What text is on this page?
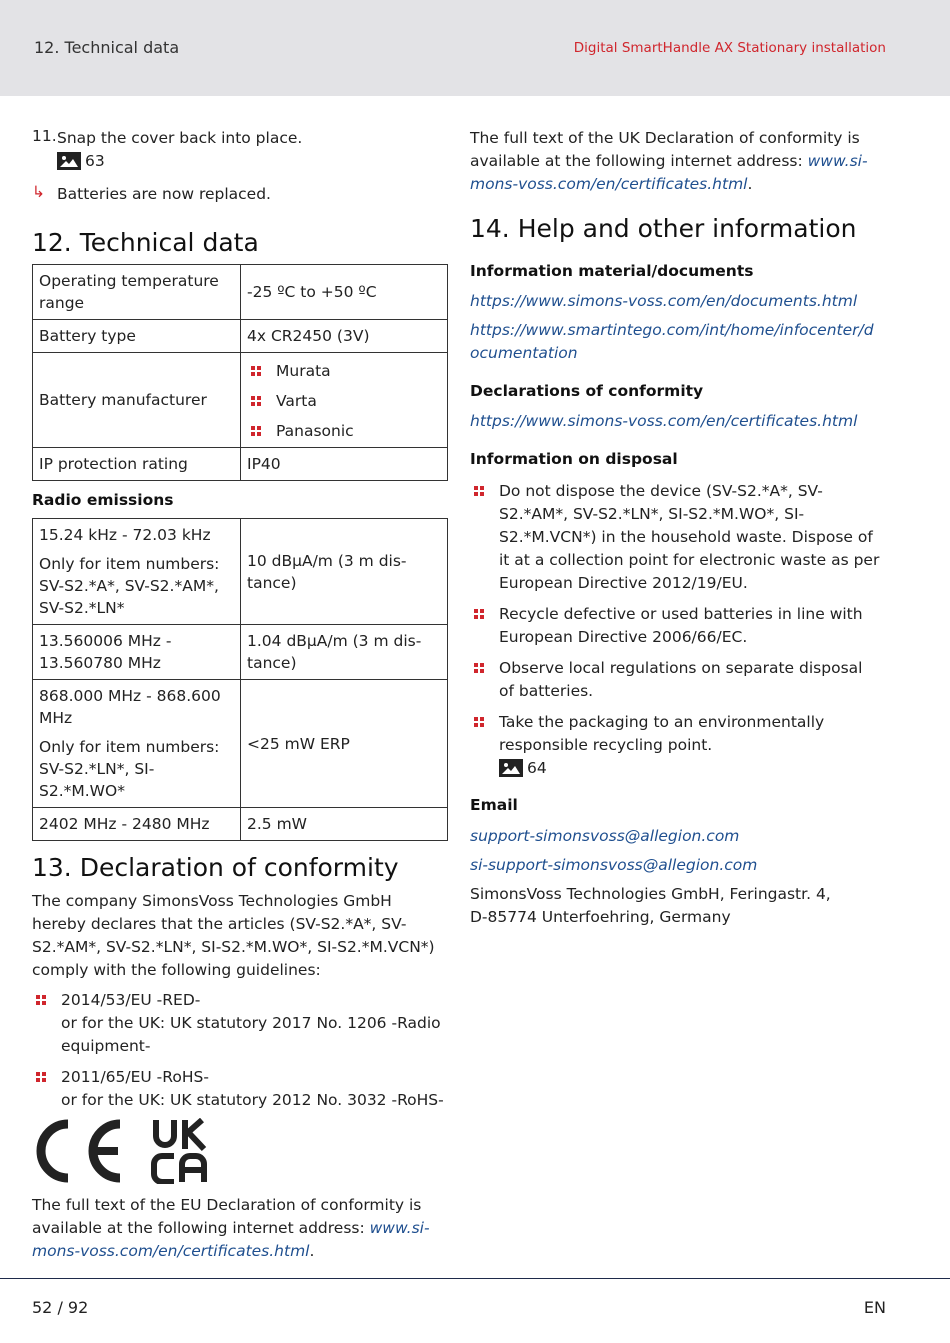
12. Technical data	Digital SmartHandle AX Stationary installation
11. Snap the cover back into place.

63

↳ Batteries are now replaced.

12. Technical data
Operating temperature range	-25 ºC to +50 ºC
Battery type	4x CR2450 (3V)
Battery manufacturer	Murata
Varta
Panasonic

IP protection rating	IP40
Radio emissions
15.24 kHz - 72.03 kHz
Only for item numbers: SV-S2.*A*, SV-S2.*AM*, SV-S2.*LN*	10 dBµA/m (3 m dis-tance)
13.560006 MHz - 13.560780 MHz	1.04 dBµA/m (3 m dis-tance)

868.000 MHz - 868.600 MHz
Only for item numbers: SV-S2.*LN*, SI-S2.*M.WO*	<25 mW ERP
2402 MHz - 2480 MHz	2.5 mW
13. Declaration of conformity

The company SimonsVoss Technologies GmbH hereby declares that the articles (SV-S2.*A*, SV-S2.*AM*, SV-S2.*LN*, SI-S2.*M.WO*, SI-S2.*M.VCN*) comply with the following guidelines:

2014/53/EU -RED-

or for the UK: UK statutory 2017 No. 1206 -Radio equipment-

2011/65/EU -RoHS-

or for the UK: UK statutory 2012 No. 3032 -RoHS-

The full text of the EU Declaration of conformity is available at the following internet address: www.si-mons-voss.com/en/certificates.html.

The full text of the UK Declaration of conformity is available at the following internet address: www.si-mons-voss.com/en/certificates.html.

14. Help and other information
Information material/documents

https://www.simons-voss.com/en/documents.html

https://www.smartintego.com/int/home/infocenter/documentation

Declarations of conformity

https://www.simons-voss.com/en/certificates.html

Information on disposal

Do not dispose the device (SV-S2.*A*, SV-S2.*AM*, SV-S2.*LN*, SI-S2.*M.WO*, SI-S2.*M.VCN*) in the household waste. Dispose of it at a collection point for electronic waste as per European Directive 2012/19/EU.

Recycle defective or used batteries in line with European Directive 2006/66/EC.

Observe local regulations on separate disposal of batteries.

Take the packaging to an environmentally responsible recycling point.

64

Email

support-simonsvoss@allegion.com

si-support-simonsvoss@allegion.com

SimonsVoss Technologies GmbH, Feringastr. 4, D-85774 Unterfoehring, Germany

52 / 92	EN
